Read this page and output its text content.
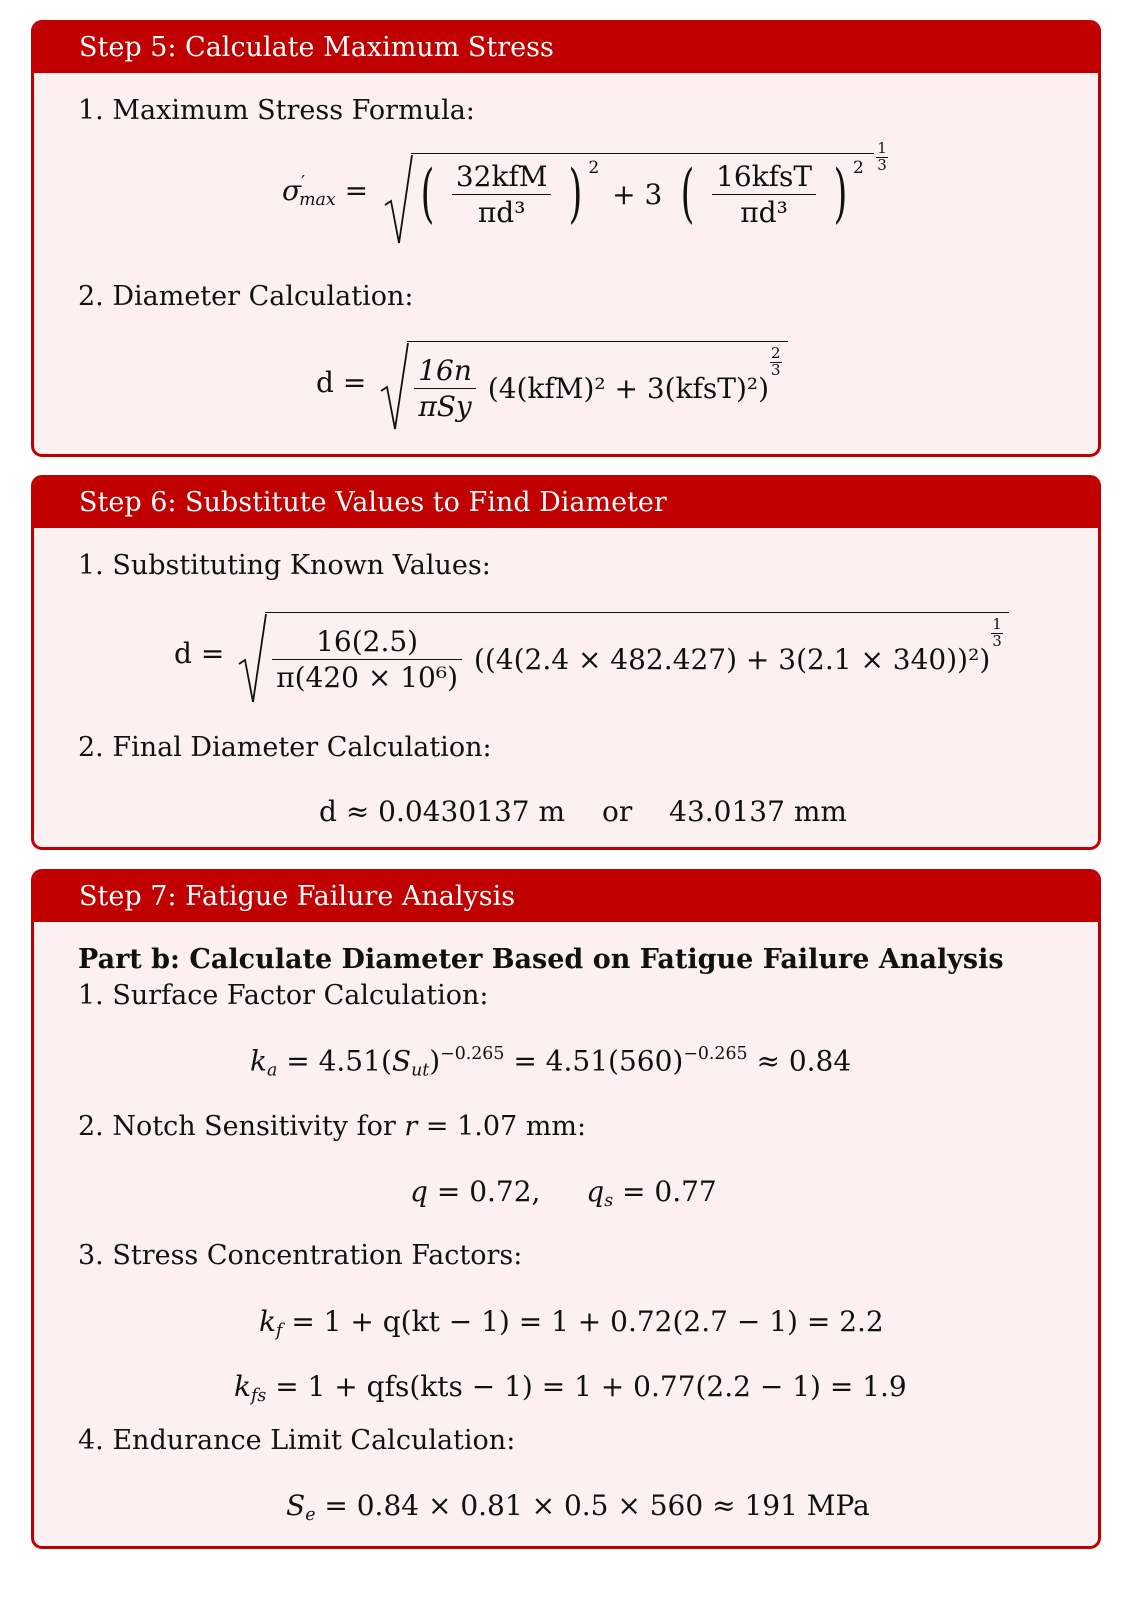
Step 5: Calculate Maximum Stress
1. Maximum Stress Formula:
$\sigma'_{max}$ =
( $\frac{\text{32kfM}}{\text{πd³}}$ ) $^2$ + 3 ( $\frac{\text{16kfsT}}{\text{πd³}}$ ) $^2$
1
3
2. Diameter Calculation:
$d = \frac{16n}{\text{πSy}} (4(kfM)^2$ + 3(kfsT)²)
$\frac{2}{3}$
Step 6: Substitute Values to Find Diameter
1. Substituting Known Values:
$d = \frac{16(2.5)}{\text{π(420 × 10⁶)}} ((4(2.4 \times 482.427) + 3(2.1 \times 340))^2)$
$\frac{1}{3}$
2. Final Diameter Calculation:
d ≈ 0.0430137 m or 43.0137 mm
Step 7: Fatigue Failure Analysis
Part b: Calculate Diameter Based on Fatigue Failure Analysis
1. Surface Factor Calculation:
$k_a = 4.51(S_{ut})^{-0.265} = 4.51(560)^{-0.265} \approx 0.84$
2. Notch Sensitivity for r = 1.07 mm:
q = 0.72, $q_s = 0.77$
3. Stress Concentration Factors:
$k_f = 1 + q(kt - 1) = 1 + 0.72(2.7 - 1) = 2.2$
$k_{fs} = 1 + qfs(kts - 1) = 1 + 0.77(2.2 - 1) = 1.9$
4. Endurance Limit Calculation:
$S_e = 0.84 \times 0.81 \times 0.5 \times 560 \approx 191$ MPa
